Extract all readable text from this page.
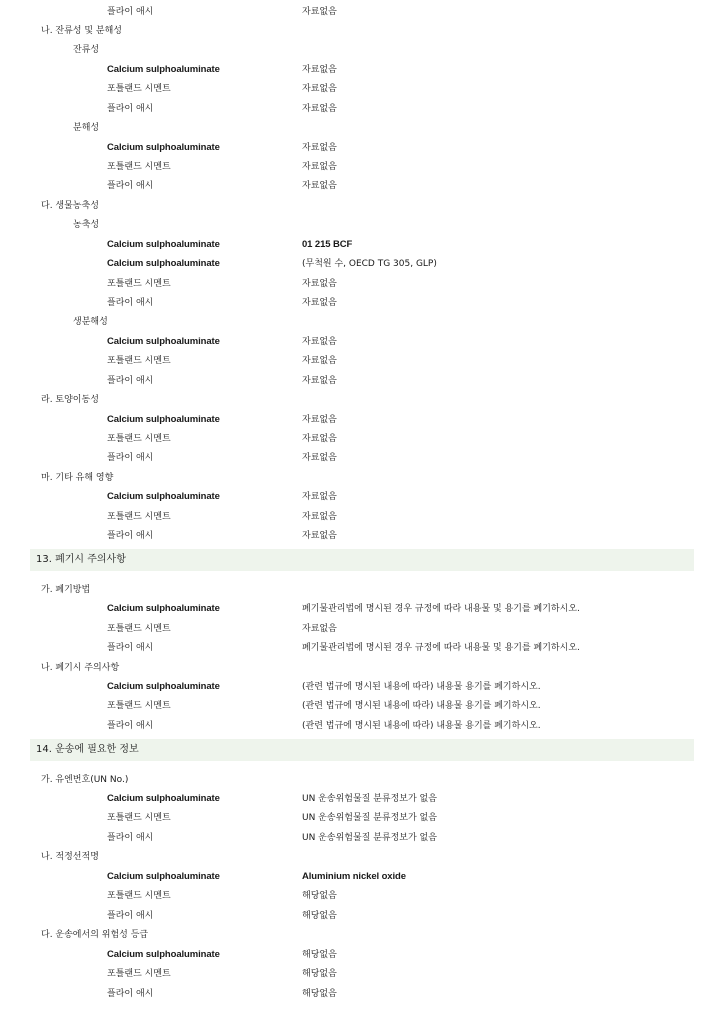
플라이 애시	자료없음
나. 잔류성 및 분해성
잔류성
Calcium sulphoaluminate	자료없음
포틀랜드 시멘트	자료없음
플라이 애시	자료없음
분해성
Calcium sulphoaluminate	자료없음
포틀랜드 시멘트	자료없음
플라이 애시	자료없음
다. 생물농축성
농축성
Calcium sulphoaluminate	01 215 BCF
Calcium sulphoaluminate	(무척원 수, OECD TG 305, GLP)
포틀랜드 시멘트	자료없음
플라이 애시	자료없음
생분해성
Calcium sulphoaluminate	자료없음
포틀랜드 시멘트	자료없음
플라이 애시	자료없음
라. 토양이동성
Calcium sulphoaluminate	자료없음
포틀랜드 시멘트	자료없음
플라이 애시	자료없음
마. 기타 유해 영향
Calcium sulphoaluminate	자료없음
포틀랜드 시멘트	자료없음
플라이 애시	자료없음
13. 폐기시 주의사항
가. 폐기방법
Calcium sulphoaluminate	폐기물관리법에 명시된 경우 규정에 따라 내용물 및 용기를 폐기하시오.
포틀랜드 시멘트	자료없음
플라이 애시	폐기물관리법에 명시된 경우 규정에 따라 내용물 및 용기를 폐기하시오.
나. 폐기시 주의사항
Calcium sulphoaluminate	(관련 법규에 명시된 내용에 따라) 내용물 용기를 폐기하시오.
포틀랜드 시멘트	(관련 법규에 명시된 내용에 따라) 내용물 용기를 폐기하시오.
플라이 애시	(관련 법규에 명시된 내용에 따라) 내용물 용기를 폐기하시오.
14. 운송에 필요한 정보
가. 유엔번호(UN No.)
Calcium sulphoaluminate	UN 운송위험물질 분류정보가 없음
포틀랜드 시멘트	UN 운송위험물질 분류정보가 없음
플라이 애시	UN 운송위험물질 분류정보가 없음
나. 적정선적명
Calcium sulphoaluminate	Aluminium nickel oxide
포틀랜드 시멘트	해당없음
플라이 애시	해당없음
다. 운송에서의 위험성 등급
Calcium sulphoaluminate	해당없음
포틀랜드 시멘트	해당없음
플라이 애시	해당없음
